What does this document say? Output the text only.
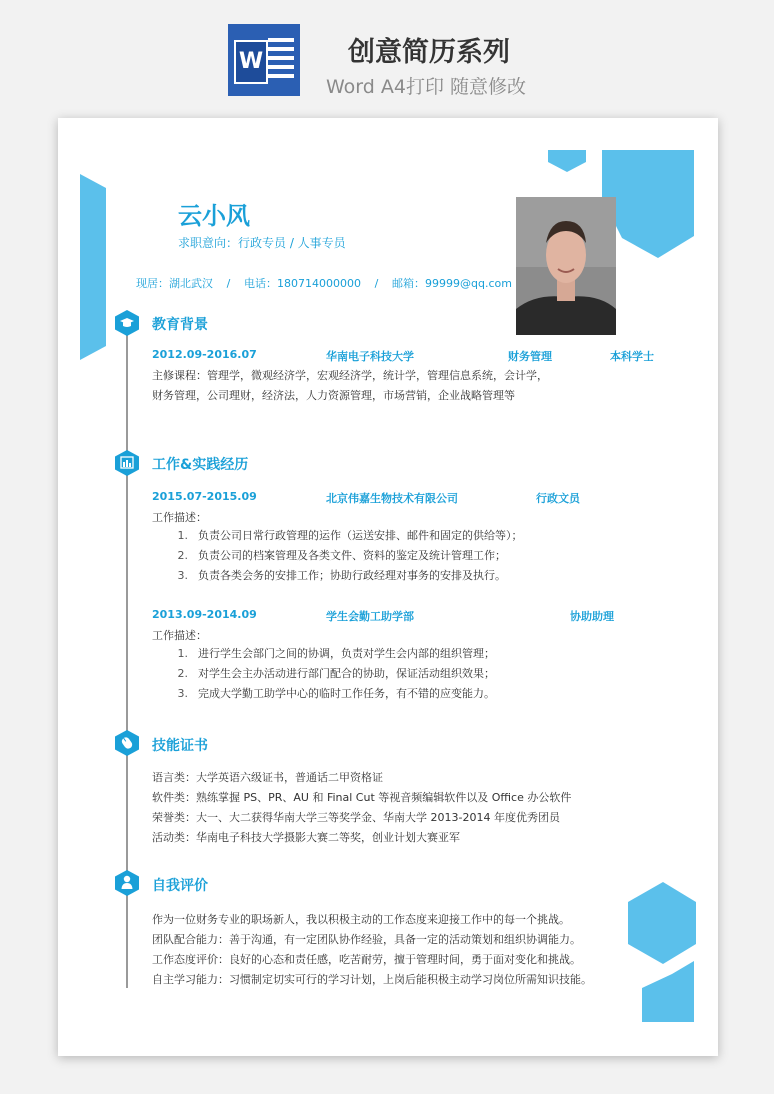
W	创意简历系列
Word A4打印 随意修改
云小风
求职意向：行政专员 / 人事专员
现居：湖北武汉 / 电话：180714000000 / 邮箱：99999@qq.com
教育背景
2012.09-2016.07	华南电子科技大学	财务管理	本科学士
主修课程：管理学，微观经济学，宏观经济学，统计学，管理信息系统，会计学，
财务管理，公司理财，经济法，人力资源管理，市场营销，企业战略管理等
工作&实践经历
2015.07-2015.09	北京伟嘉生物技术有限公司	行政文员
工作描述：
1. 负责公司日常行政管理的运作（运送安排、邮件和固定的供给等）；
2. 负责公司的档案管理及各类文件、资料的鉴定及统计管理工作；
3. 负责各类会务的安排工作；协助行政经理对事务的安排及执行。
2013.09-2014.09	学生会勤工助学部	协助助理
工作描述：
1. 进行学生会部门之间的协调，负责对学生会内部的组织管理；
2. 对学生会主办活动进行部门配合的协助，保证活动组织效果；
3. 完成大学勤工助学中心的临时工作任务，有不错的应变能力。
技能证书
语言类：大学英语六级证书，普通话二甲资格证
软件类：熟练掌握 PS、PR、AU 和 Final Cut 等视音频编辑软件以及 Office 办公软件
荣誉类：大一、大二获得华南大学三等奖学金、华南大学 2013-2014 年度优秀团员
活动类：华南电子科技大学摄影大赛二等奖，创业计划大赛亚军
自我评价
作为一位财务专业的职场新人，我以积极主动的工作态度来迎接工作中的每一个挑战。
团队配合能力：善于沟通，有一定团队协作经验，具备一定的活动策划和组织协调能力。
工作态度评价：良好的心态和责任感，吃苦耐劳，擅于管理时间，勇于面对变化和挑战。
自主学习能力：习惯制定切实可行的学习计划，上岗后能积极主动学习岗位所需知识技能。
